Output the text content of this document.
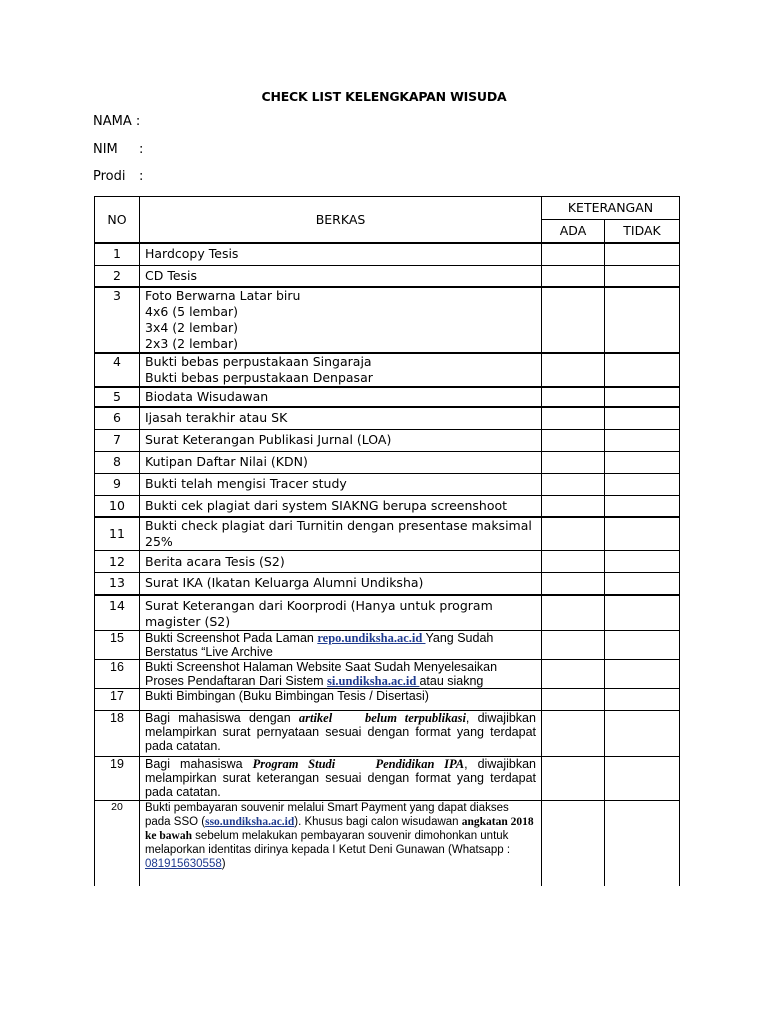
CHECK LIST KELENGKAPAN WISUDA
NAMA :
NIM :
Prodi :
NO	BERKAS	KETERANGAN	
		ADA	TIDAK
1	Hardcopy Tesis		
2	CD Tesis		
3	Foto Berwarna Latar biru
4x6 (5 lembar)
3x4 (2 lembar)
2x3 (2 lembar)		

4	Bukti bebas perpustakaan Singaraja
Bukti bebas perpustakaan Denpasar		

5	Biodata Wisudawan		
6	Ijasah terakhir atau SK		
7	Surat Keterangan Publikasi Jurnal (LOA)		
8	Kutipan Daftar Nilai (KDN)		
9	Bukti telah mengisi Tracer study		
10	Bukti cek plagiat dari system SIAKNG berupa screenshoot		
11	Bukti check plagiat dari Turnitin dengan presentase maksimal 25%		
12	Berita acara Tesis (S2)		
13	Surat IKA (Ikatan Keluarga Alumni Undiksha)		
14	Surat Keterangan dari Koorprodi (Hanya untuk program magister (S2)		
15	Bukti Screenshot Pada Laman repo.undiksha.ac.id Yang Sudah Berstatus “Live Archive		
16	Bukti Screenshot Halaman Website Saat Sudah Menyelesaikan Proses Pendaftaran Dari Sistem si.undiksha.ac.id atau siakng		
17	Bukti Bimbingan (Buku Bimbingan Tesis / Disertasi)		
18	Bagi mahasiswa dengan artikel belum terpublikasi, diwajibkan melampirkan surat pernyataan sesuai dengan format yang terdapat pada catatan.		
19	Bagi mahasiswa Program Studi Pendidikan IPA, diwajibkan melampirkan surat keterangan sesuai dengan format yang terdapat pada catatan.		
20	Bukti pembayaran souvenir melalui Smart Payment yang dapat diakses pada SSO (sso.undiksha.ac.id). Khusus bagi calon wisudawan angkatan 2018 ke bawah sebelum melakukan pembayaran souvenir dimohonkan untuk melaporkan identitas dirinya kepada I Ketut Deni Gunawan (Whatsapp : 081915630558)		
